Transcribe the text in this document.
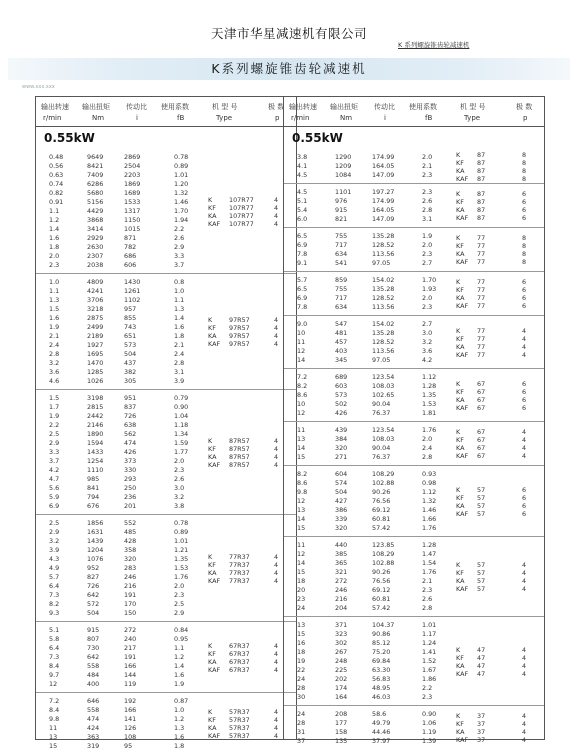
天津市华星减速机有限公司
K 系列螺旋锥齿轮减速机
K系列螺旋锥齿轮减速机
www.xxx.xxx
输出转速 输出扭矩 传动比 使用系数	机 型 号	极 数
r/min	Nm	i	fB	Type	p
0.55kW
0.48	9649	2869	0.78
0.56	8421	2504	0.89
0.63	7409	2203	1.01
0.74	6286	1869	1.20
0.82	5680	1689	1.32
0.91	5156	1533	1.46
1.1	4429	1317	1.70
1.2	3868	1150	1.94
1.4	3414	1015	2.2
1.6	2929	871	2.6
1.8	2630	782	2.9
2.0	2307	686	3.3
2.3	2038	606	3.7
K	107R77	4
KF 107R77	4
KA 107R77	4
KAF 107R77	4
1.0	4809	1430	0.8
1.1	4241	1261	1.0
1.3	3706	1102	1.1
1.5	3218	957	1.3
1.6	2875	855	1.4
1.9	2499	743	1.6
2.1	2189	651	1.8
2.4	1927	573	2.1
2.8	1695	504	2.4
3.2	1470	437	2.8
3.6	1285	382	3.1
4.6	1026	305	3.9
K	97R57	4
KF 97R57	4
KA 97R57	4
KAF 97R57	4
1.5	3198	951	0.79
1.7	2815	837	0.90
1.9	2442	726	1.04
2.2	2146	638	1.18
2.5	1890	562	1.34
2.9	1594	474	1.59
3.3	1433	426	1.77
3.7	1254	373	2.0
4.2	1110	330	2.3
4.7	985	293	2.6
5.6	841	250	3.0
5.9	794	236	3.2
6.9	676	201	3.8
K	87R57	4
KF 87R57	4
KA 87R57	4
KAF 87R57	4
2.5	1856	552	0.78
2.9	1631	485	0.89
3.2	1439	428	1.01
3.9	1204	358	1.21
4.3	1076	320	1.35
4.9	952	283	1.53
5.7	827	246	1.76
6.4	726	216	2.0
7.3	642	191	2.3
8.2	572	170	2.5
9.3	504	150	2.9
K	77R37	4
KF 77R37	4
KA 77R37	4
KAF 77R37	4
5.1	915	272	0.84
5.8	807	240	0.95
6.4	730	217	1.1
7.3	642	191	1.2
8.4	558	166	1.4
9.7	484	144	1.6
12	400	119	1.9
K	67R37	4
KF 67R37	4
KA 67R37	4
KAF 67R37	4
7.2	646	192	0.87
8.4	558	166	1.0
9.8	474	141	1.2
11	424	126	1.3
13	363	108	1.6
15	319	95	1.8
K	57R37	4
KF 57R37	4
KA 57R37	4
KAF 57R37	4
输出转速 输出扭矩 传动比 使用系数	机 型 号	极 数
r/min	Nm	i	fB	Type	p
0.55kW
3.8	1290	174.99	2.0
4.1	1209	164.05	2.1
4.5	1084	147.09	2.3
K	87	8
KF 87	8
KA 87	8
KAF 87	8
4.5	1101	197.27	2.3
5.1	976	174.99	2.6
5.4	915	164.05	2.8
6.0	821	147.09	3.1
K	87	6
KF 87	6
KA 87	6
KAF 87	6
6.5	755	135.28	1.9
6.9	717	128.52	2.0
7.8	634	113.56	2.3
9.1	541	97.05	2.7
K	77	8
KF 77	8
KA 77	8
KAF 77	8
5.7	859	154.02	1.70
6.5	755	135.28	1.93
6.9	717	128.52	2.0
7.8	634	113.56	2.3
K	77	6
KF 77	6
KA 77	6
KAF 77	6
9.0	547	154.02	2.7
10	481	135.28	3.0
11	457	128.52	3.2
12	403	113.56	3.6
14	345	97.05	4.2
K	77	4
KF 77	4
KA 77	4
KAF 77	4
7.2	689	123.54	1.12
8.2	603	108.03	1.28
8.6	573	102.65	1.35
10	502	90.04	1.53
12	426	76.37	1.81
K	67	6
KF 67	6
KA 67	6
KAF 67	6
11	439	123.54	1.76
13	384	108.03	2.0
14	320	90.04	2.4
15	271	76.37	2.8
K	67	4
KF 67	4
KA 67	4
KAF 67	4
8.2	604	108.29	0.93
8.6	574	102.88	0.98
9.8	504	90.26	1.12
12	427	76.56	1.32
13	386	69.12	1.46
14	339	60.81	1.66
15	320	57.42	1.76
K	57	6
KF 57	6
KA 57	6
KAF 57	6
11	440	123.85	1.28
12	385	108.29	1.47
14	365	102.88	1.54
15	321	90.26	1.76
18	272	76.56	2.1
20	246	69.12	2.3
23	216	60.81	2.6
24	204	57.42	2.8
K	57	4
KF 57	4
KA 57	4
KAF 57	4
13	371	104.37	1.01
15	323	90.86	1.17
16	302	85.12	1.24
18	267	75.20	1.41
19	248	69.84	1.52
22	225	63.30	1.67
24	202	56.83	1.86
28	174	48.95	2.2
30	164	46.03	2.3
K	47	4
KF 47	4
KA 47	4
KAF 47	4
24	208	58.6	0.90
28	177	49.79	1.06
31	158	44.46	1.19
37	135	37.97	1.39
K	37	4
KF 37	4
KA 37	4
KAF 37	4
